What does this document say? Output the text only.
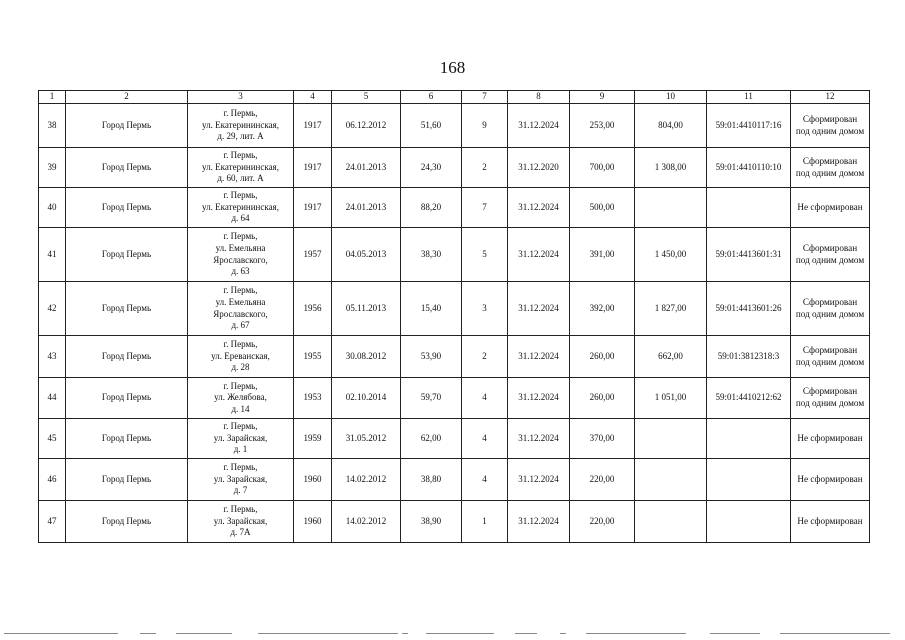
168
1	2	3	4	5	6	7	8	9	10	11	12
38	Город Пермь	г. Пермь,
ул. Екатерининская,
д. 29, лит. А	1917	06.12.2012	51,60	9	31.12.2024	253,00	804,00	59:01:4410117:16	Сформирован
под одним домом
39	Город Пермь	г. Пермь,
ул. Екатерининская,
д. 60, лит. А	1917	24.01.2013	24,30	2	31.12.2020	700,00	1 308,00	59:01:4410110:10	Сформирован
под одним домом
40	Город Пермь	г. Пермь,
ул. Екатерининская,
д. 64	1917	24.01.2013	88,20	7	31.12.2024	500,00			Не сформирован
41	Город Пермь	г. Пермь,
ул. Емельяна
Ярославского,
д. 63	1957	04.05.2013	38,30	5	31.12.2024	391,00	1 450,00	59:01:4413601:31	Сформирован
под одним домом
42	Город Пермь	г. Пермь,
ул. Емельяна
Ярославского,
д. 67	1956	05.11.2013	15,40	3	31.12.2024	392,00	1 827,00	59:01:4413601:26	Сформирован
под одним домом
43	Город Пермь	г. Пермь,
ул. Ереванская,
д. 28	1955	30.08.2012	53,90	2	31.12.2024	260,00	662,00	59:01:3812318:3	Сформирован
под одним домом
44	Город Пермь	г. Пермь,
ул. Желябова,
д. 14	1953	02.10.2014	59,70	4	31.12.2024	260,00	1 051,00	59:01:4410212:62	Сформирован
под одним домом
45	Город Пермь	г. Пермь,
ул. Зарайская,
д. 1	1959	31.05.2012	62,00	4	31.12.2024	370,00			Не сформирован
46	Город Пермь	г. Пермь,
ул. Зарайская,
д. 7	1960	14.02.2012	38,80	4	31.12.2024	220,00			Не сформирован
47	Город Пермь	г. Пермь,
ул. Зарайская,
д. 7А	1960	14.02.2012	38,90	1	31.12.2024	220,00			Не сформирован
